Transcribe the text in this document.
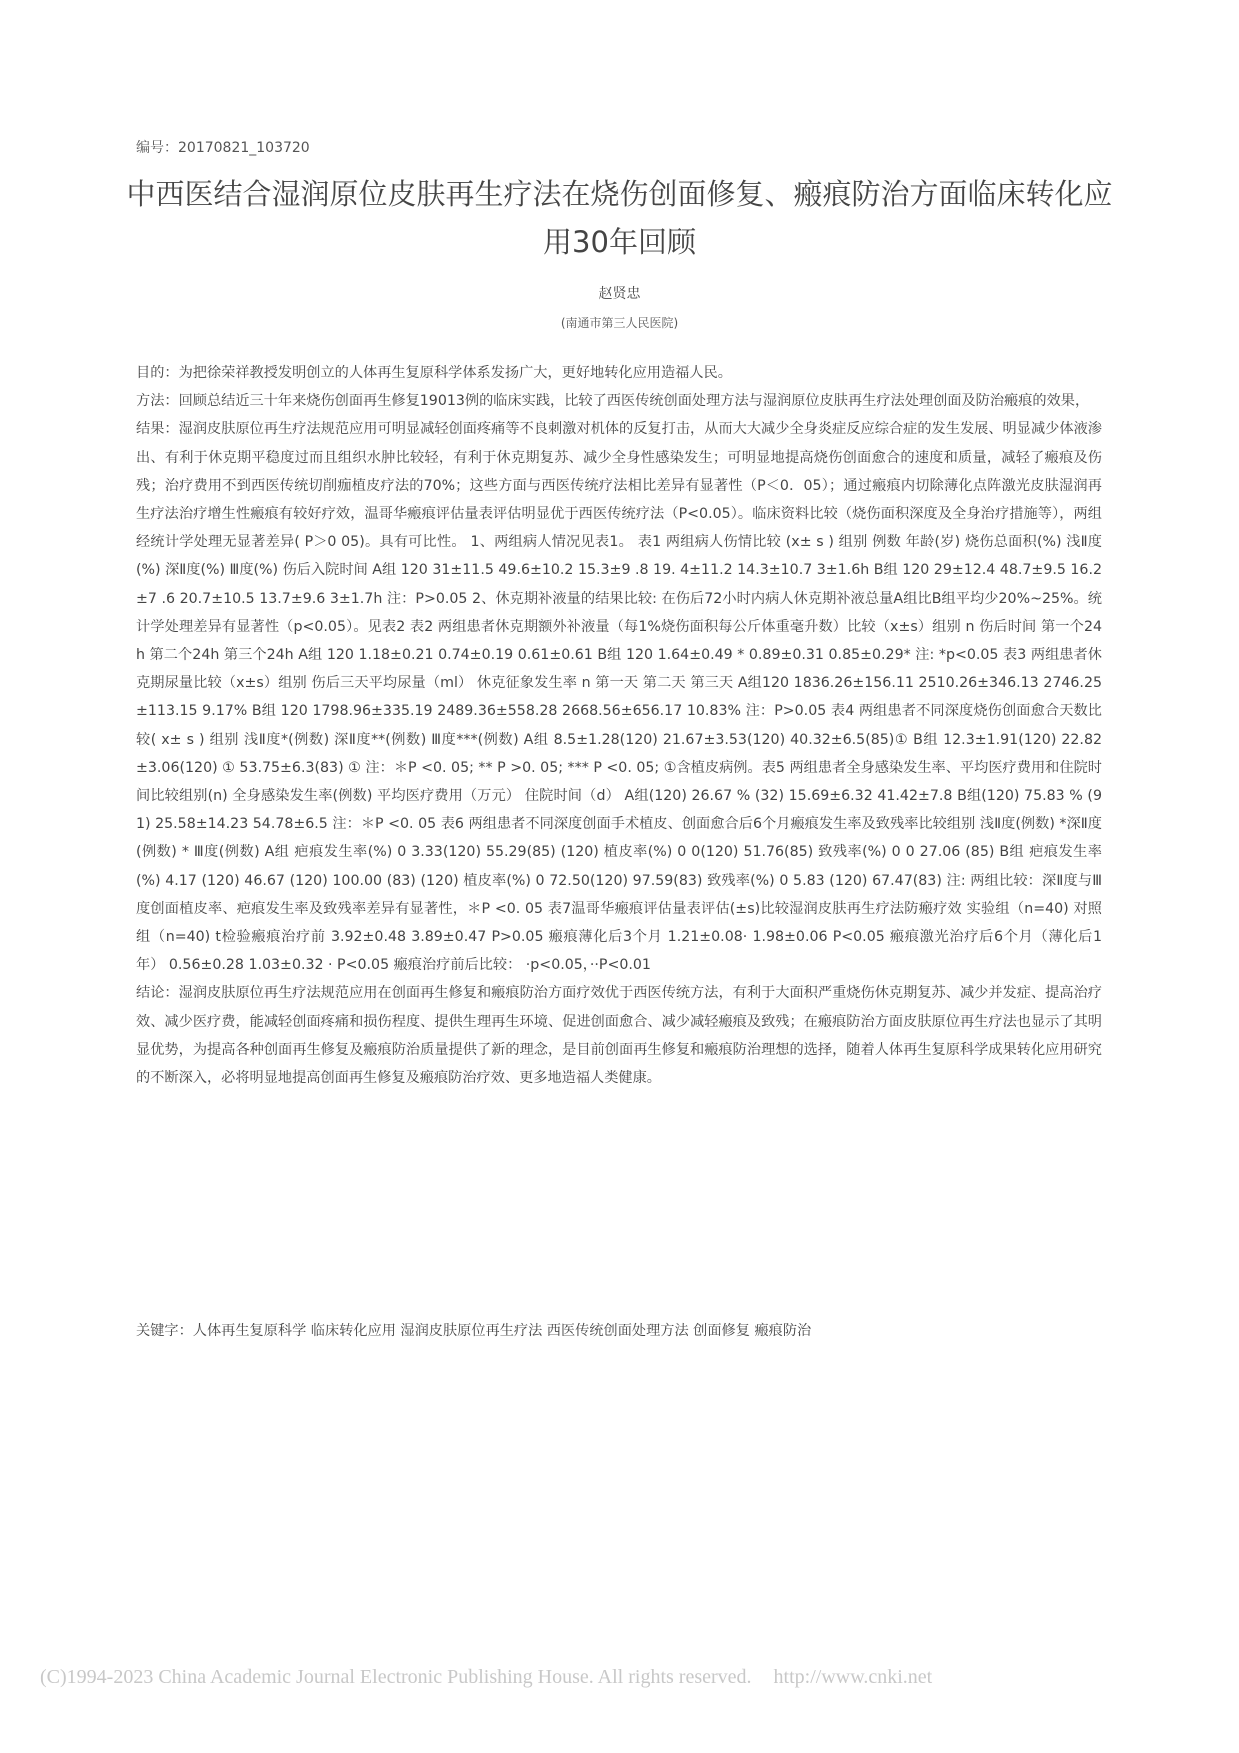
编号：20170821_103720
中西医结合湿润原位皮肤再生疗法在烧伤创面修复、瘢痕防治方面临床转化应用30年回顾
赵贤忠
(南通市第三人民医院)

目的：为把徐荣祥教授发明创立的人体再生复原科学体系发扬广大，更好地转化应用造福人民。

方法：回顾总结近三十年来烧伤创面再生修复19013例的临床实践，比较了西医传统创面处理方法与湿润原位皮肤再生疗法处理创面及防治瘢痕的效果，

结果：湿润皮肤原位再生疗法规范应用可明显减轻创面疼痛等不良刺激对机体的反复打击，从而大大减少全身炎症反应综合症的发生发展、明显减少体液渗出、有利于休克期平稳度过而且组织水肿比较轻，有利于休克期复苏、减少全身性感染发生；可明显地提高烧伤创面愈合的速度和质量，减轻了瘢痕及伤残；治疗费用不到西医传统切削痂植皮疗法的70%；这些方面与西医传统疗法相比差异有显著性（P＜0．05）；通过瘢痕内切除薄化点阵激光皮肤湿润再生疗法治疗增生性瘢痕有较好疗效，温哥华瘢痕评估量表评估明显优于西医传统疗法（P<0.05）。临床资料比较（烧伤面积深度及全身治疗措施等），两组经统计学处理无显著差异( P＞0 05)。具有可比性。 1、两组病人情况见表1。 表1 两组病人伤情比较 (x± s ) 组别 例数 年龄(岁) 烧伤总面积(%) 浅Ⅱ度(%) 深Ⅱ度(%) Ⅲ度(%) 伤后入院时间 A组 120 31±11.5 49.6±10.2 15.3±9 .8 19. 4±11.2 14.3±10.7 3±1.6h B组 120 29±12.4 48.7±9.5 16.2±7 .6 20.7±10.5 13.7±9.6 3±1.7h 注：P>0.05 2、休克期补液量的结果比较: 在伤后72小时内病人休克期补液总量A组比B组平均少20%~25%。统计学处理差异有显著性（p<0.05）。见表2 表2 两组患者休克期额外补液量（每1%烧伤面积每公斤体重毫升数）比较（x±s）组别 n 伤后时间 第一个24h 第二个24h 第三个24h A组 120 1.18±0.21 0.74±0.19 0.61±0.61 B组 120 1.64±0.49 * 0.89±0.31 0.85±0.29* 注: *p<0.05 表3 两组患者休克期尿量比较（x±s）组别 伤后三天平均尿量（ml） 休克征象发生率 n 第一天 第二天 第三天 A组120 1836.26±156.11 2510.26±346.13 2746.25±113.15 9.17% B组 120 1798.96±335.19 2489.36±558.28 2668.56±656.17 10.83% 注：P>0.05 表4 两组患者不同深度烧伤创面愈合天数比较( x± s ) 组别 浅Ⅱ度*(例数) 深Ⅱ度**(例数) Ⅲ度***(例数) A组 8.5±1.28(120) 21.67±3.53(120) 40.32±6.5(85)① B组 12.3±1.91(120) 22.82±3.06(120) ① 53.75±6.3(83) ① 注：＊P <0. 05; ** P >0. 05; *** P <0. 05; ①含植皮病例。表5 两组患者全身感染发生率、平均医疗费用和住院时间比较组别(n) 全身感染发生率(例数) 平均医疗费用（万元） 住院时间（d） A组(120) 26.67 % (32) 15.69±6.32 41.42±7.8 B组(120) 75.83 % (91) 25.58±14.23 54.78±6.5 注：＊P <0. 05 表6 两组患者不同深度创面手术植皮、创面愈合后6个月瘢痕发生率及致残率比较组别 浅Ⅱ度(例数) *深Ⅱ度(例数) * Ⅲ度(例数) A组 疤痕发生率(%) 0 3.33(120) 55.29(85) (120) 植皮率(%) 0 0(120) 51.76(85) 致残率(%) 0 0 27.06 (85) B组 疤痕发生率(%) 4.17 (120) 46.67 (120) 100.00 (83) (120) 植皮率(%) 0 72.50(120) 97.59(83) 致残率(%) 0 5.83 (120) 67.47(83) 注: 两组比较：深Ⅱ度与Ⅲ度创面植皮率、疤痕发生率及致残率差异有显著性，＊P <0. 05 表7温哥华瘢痕评估量表评估(±s)比较湿润皮肤再生疗法防瘢疗效 实验组（n=40) 对照组（n=40) t检验瘢痕治疗前 3.92±0.48 3.89±0.47 P>0.05 瘢痕薄化后3个月 1.21±0.08· 1.98±0.06 P<0.05 瘢痕激光治疗后6个月（薄化后1年） 0.56±0.28 1.03±0.32 · P<0.05 瘢痕治疗前后比较： ·p<0.05，··P<0.01

结论：湿润皮肤原位再生疗法规范应用在创面再生修复和瘢痕防治方面疗效优于西医传统方法，有利于大面积严重烧伤休克期复苏、减少并发症、提高治疗效、减少医疗费，能减轻创面疼痛和损伤程度、提供生理再生环境、促进创面愈合、减少减轻瘢痕及致残；在瘢痕防治方面皮肤原位再生疗法也显示了其明显优势，为提高各种创面再生修复及瘢痕防治质量提供了新的理念，是目前创面再生修复和瘢痕防治理想的选择，随着人体再生复原科学成果转化应用研究的不断深入，必将明显地提高创面再生修复及瘢痕防治疗效、更多地造福人类健康。

关键字：人体再生复原科学 临床转化应用 湿润皮肤原位再生疗法 西医传统创面处理方法 创面修复 瘢痕防治
(C)1994-2023 China Academic Journal Electronic Publishing House. All rights reserved. http://www.cnki.net
